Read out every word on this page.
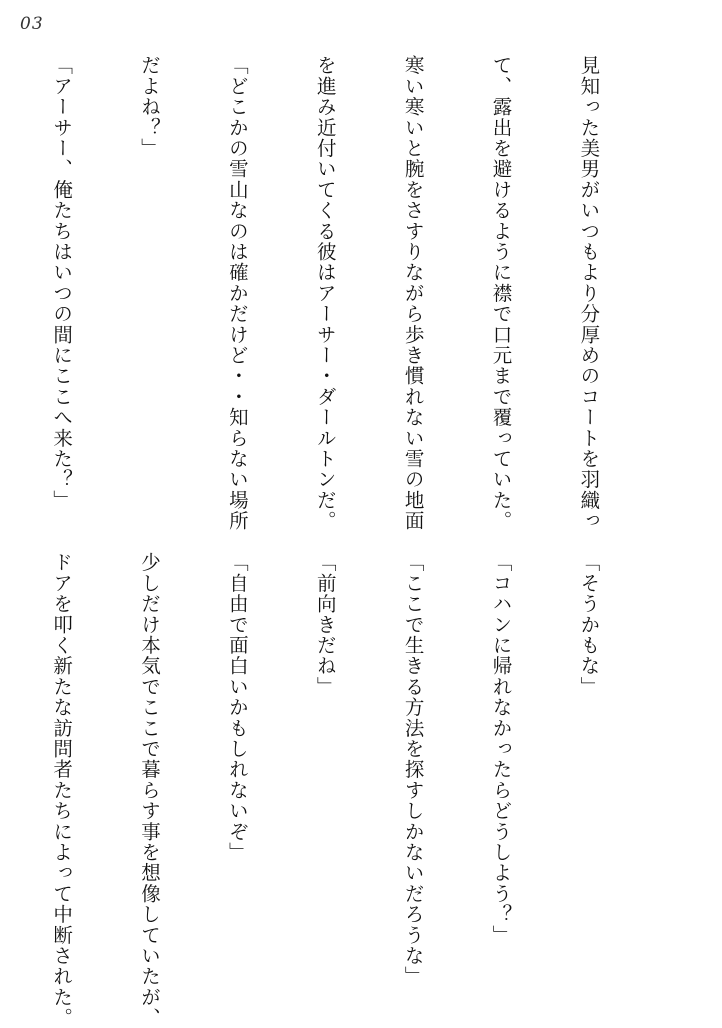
03

見知った美男がいつもより分厚めのコートを羽織っ

て、露出を避けるように襟で口元まで覆っていた。

寒い寒いと腕をさすりながら歩き慣れない雪の地面

を進み近付いてくる彼はアーサー・ダールトンだ。

「どこかの雪山なのは確かだけど・・知らない場所

だよね？」

「アーサー、俺たちはいつの間にここへ来た？」

「そうかもな」

「コハンに帰れなかったらどうしよう？」

「ここで生きる方法を探すしかないだろうな」

「前向きだね」

「自由で面白いかもしれないぞ」

少しだけ本気でここで暮らす事を想像していたが、

ドアを叩く新たな訪問者たちによって中断された。
